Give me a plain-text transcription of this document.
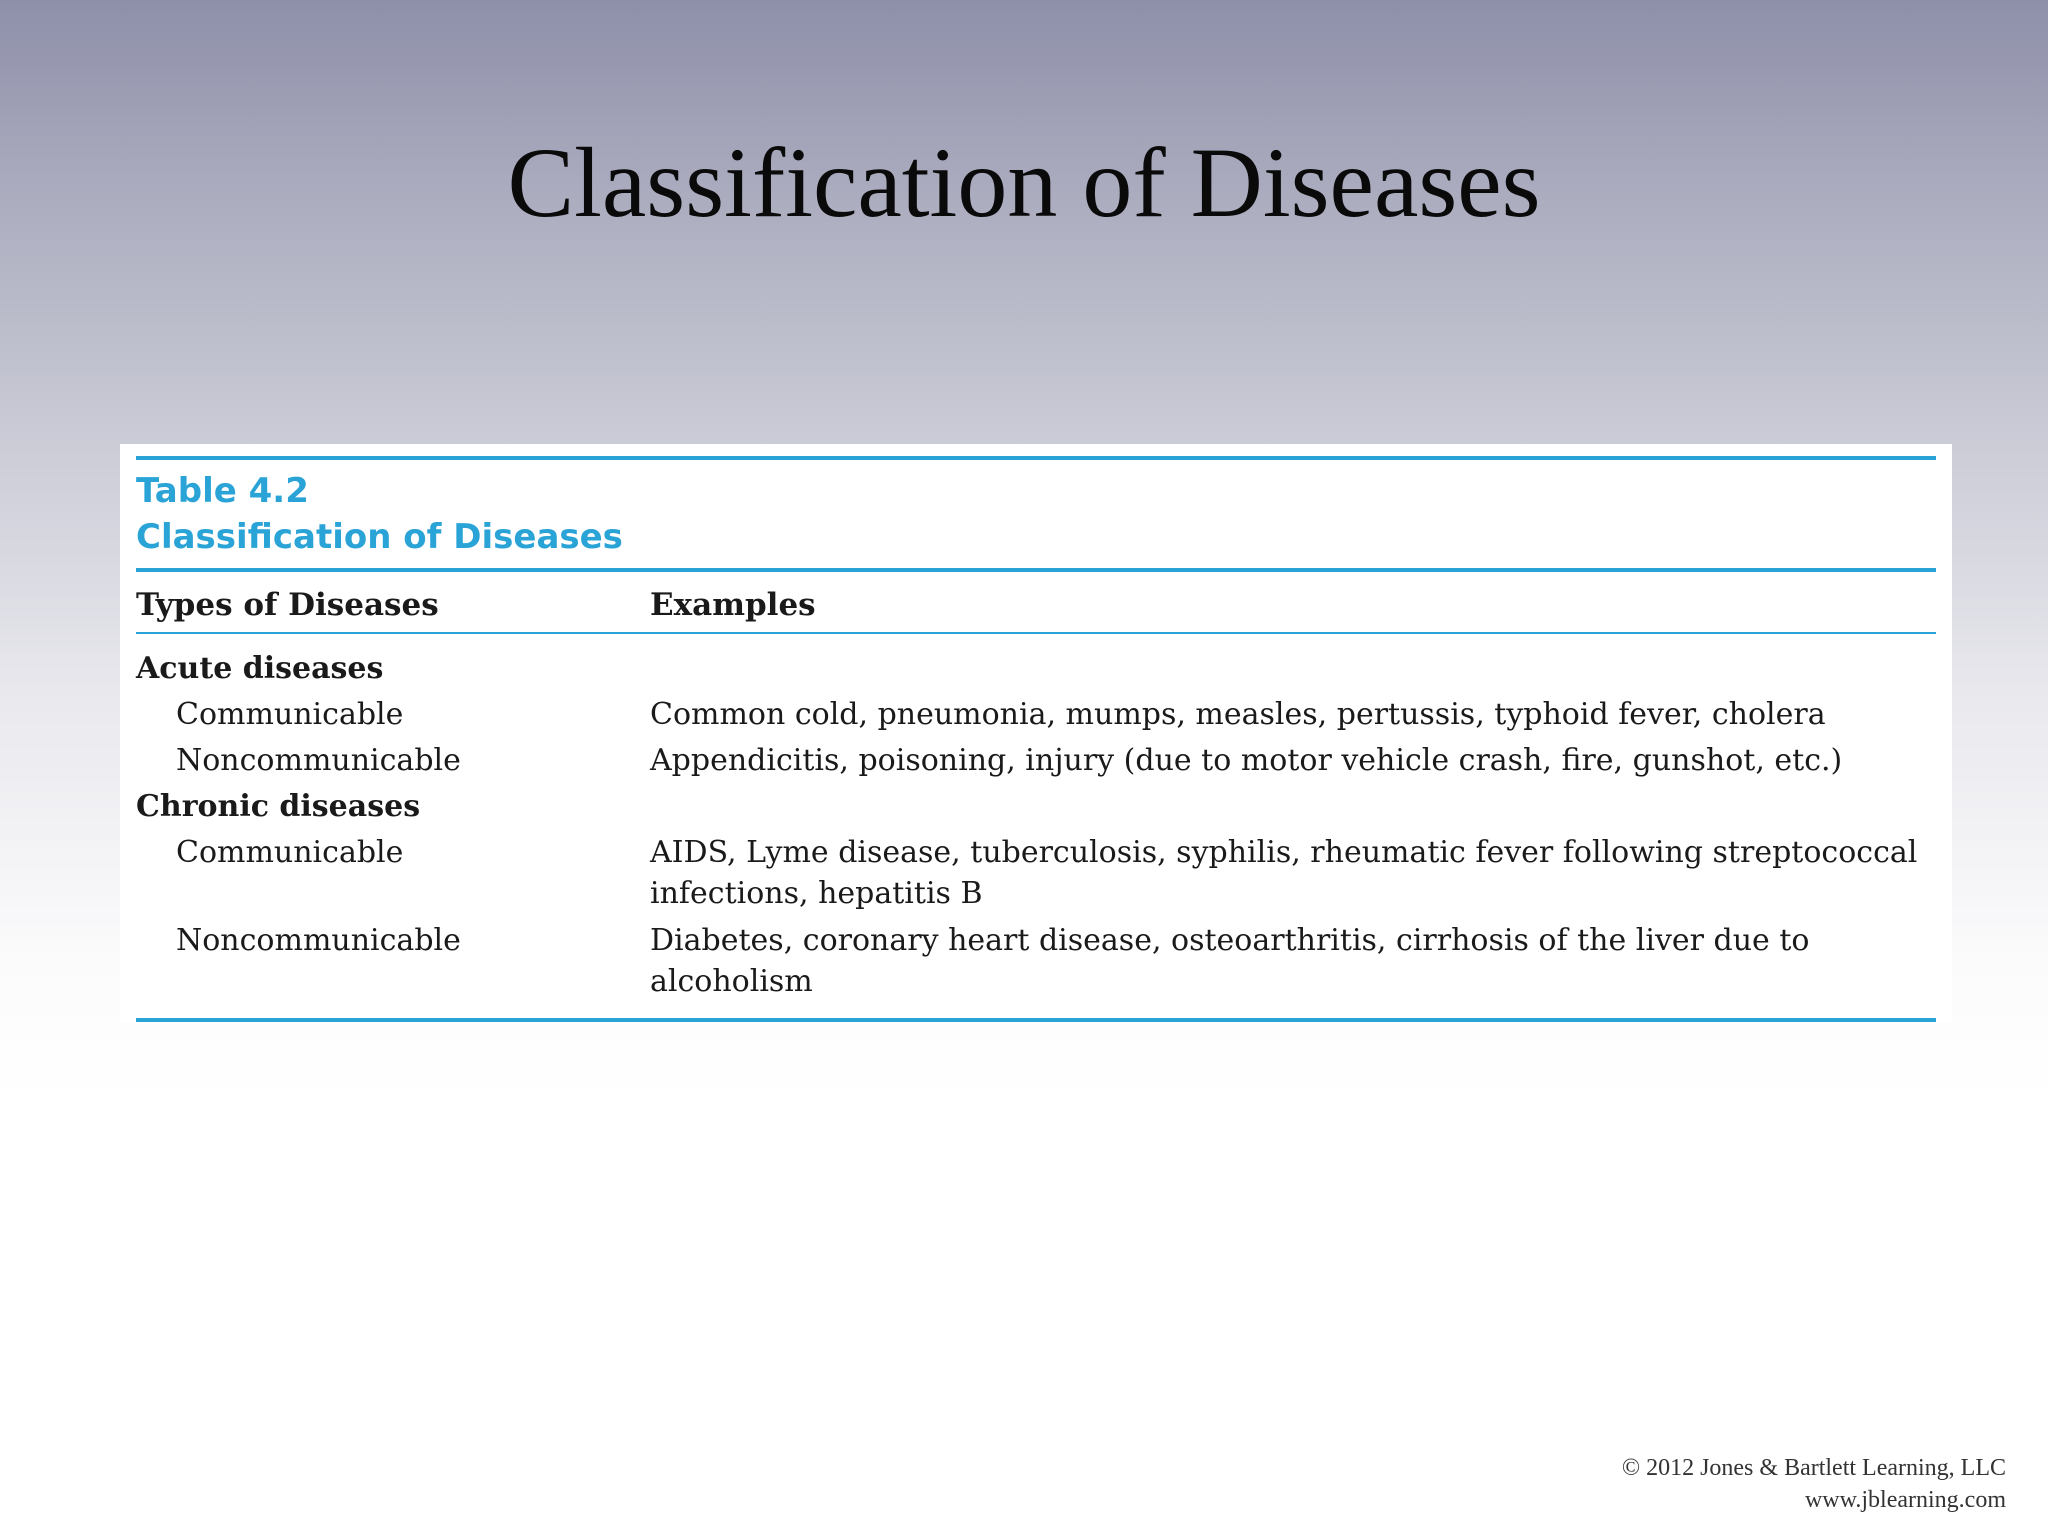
Classification of Diseases
Table 4.2
Classification of Diseases
Types of Diseases	Examples
Acute diseases
Communicable	Common cold, pneumonia, mumps, measles, pertussis, typhoid fever, cholera
Noncommunicable	Appendicitis, poisoning, injury (due to motor vehicle crash, fire, gunshot, etc.)
Chronic diseases
Communicable	AIDS, Lyme disease, tuberculosis, syphilis, rheumatic fever following streptococcal infections, hepatitis B
Noncommunicable	Diabetes, coronary heart disease, osteoarthritis, cirrhosis of the liver due to alcoholism
© 2012 Jones & Bartlett Learning, LLC
www.jblearning.com
